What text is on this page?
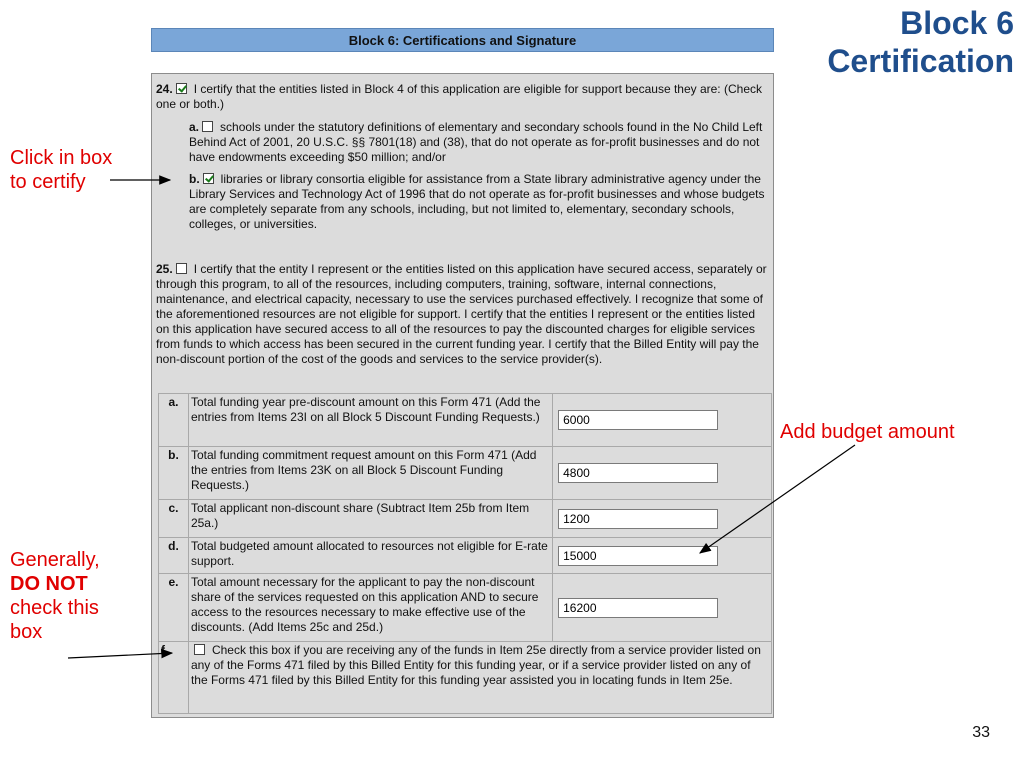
Block 6
Certification
Block 6: Certifications and Signature
24. I certify that the entities listed in Block 4 of this application are eligible for support because they are: (Check one or both.)
a. schools under the statutory definitions of elementary and secondary schools found in the No Child Left Behind Act of 2001, 20 U.S.C. §§ 7801(18) and (38), that do not operate as for-profit businesses and do not have endowments exceeding $50 million; and/or
b. libraries or library consortia eligible for assistance from a State library administrative agency under the Library Services and Technology Act of 1996 that do not operate as for-profit businesses and whose budgets are completely separate from any schools, including, but not limited to, elementary, secondary schools, colleges, or universities.
25. I certify that the entity I represent or the entities listed on this application have secured access, separately or through this program, to all of the resources, including computers, training, software, internal connections, maintenance, and electrical capacity, necessary to use the services purchased effectively. I recognize that some of the aforementioned resources are not eligible for support. I certify that the entities I represent or the entities listed on this application have secured access to all of the resources to pay the discounted charges for eligible services from funds to which access has been secured in the current funding year. I certify that the Billed Entity will pay the non-discount portion of the cost of the goods and services to the service provider(s).
a.	Total funding year pre-discount amount on this Form 471 (Add the entries from Items 23I on all Block 5 Discount Funding Requests.)	6000
b.	Total funding commitment request amount on this Form 471 (Add the entries from Items 23K on all Block 5 Discount Funding Requests.)	4800
c.	Total applicant non-discount share (Subtract Item 25b from Item 25a.)	1200
d.	Total budgeted amount allocated to resources not eligible for E-rate support.	15000
e.	Total amount necessary for the applicant to pay the non-discount share of the services requested on this application AND to secure access to the resources necessary to make effective use of the discounts. (Add Items 25c and 25d.)	16200
f.	Check this box if you are receiving any of the funds in Item 25e directly from a service provider listed on any of the Forms 471 filed by this Billed Entity for this funding year, or if a service provider listed on any of the Forms 471 filed by this Billed Entity for this funding year assisted you in locating funds in Item 25e.	
Click in box
to certify
Add budget amount
Generally,
DO NOT
check this
box
33
